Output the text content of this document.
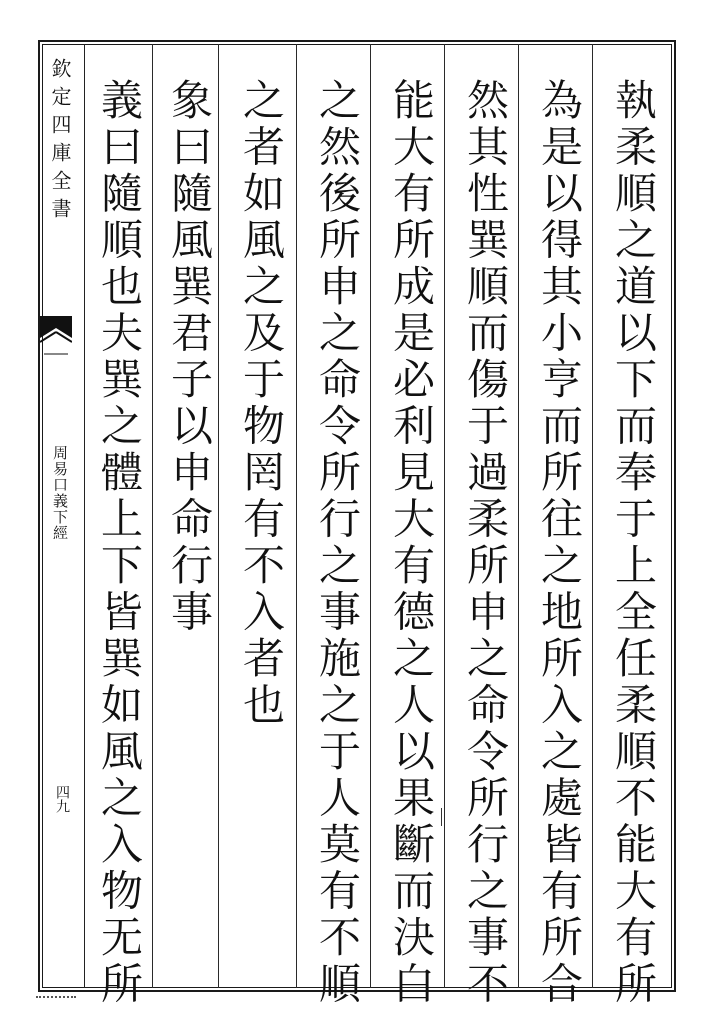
欽定四庫全書
周易口義下經
四九	執柔順之道以下而奉于上全任柔順不能大有所
為是以得其小亨而所往之地所入之處皆有所合
然其性巽順而傷于過柔所申之命令所行之事不
能大有所成是必利見大有德之人以果斷而決白
之然後所申之命令所行之事施之于人莫有不順
之者如風之及于物罔有不入者也
象曰隨風巽君子以申命行事
義曰隨順也夫巽之體上下皆巽如風之入物无所
